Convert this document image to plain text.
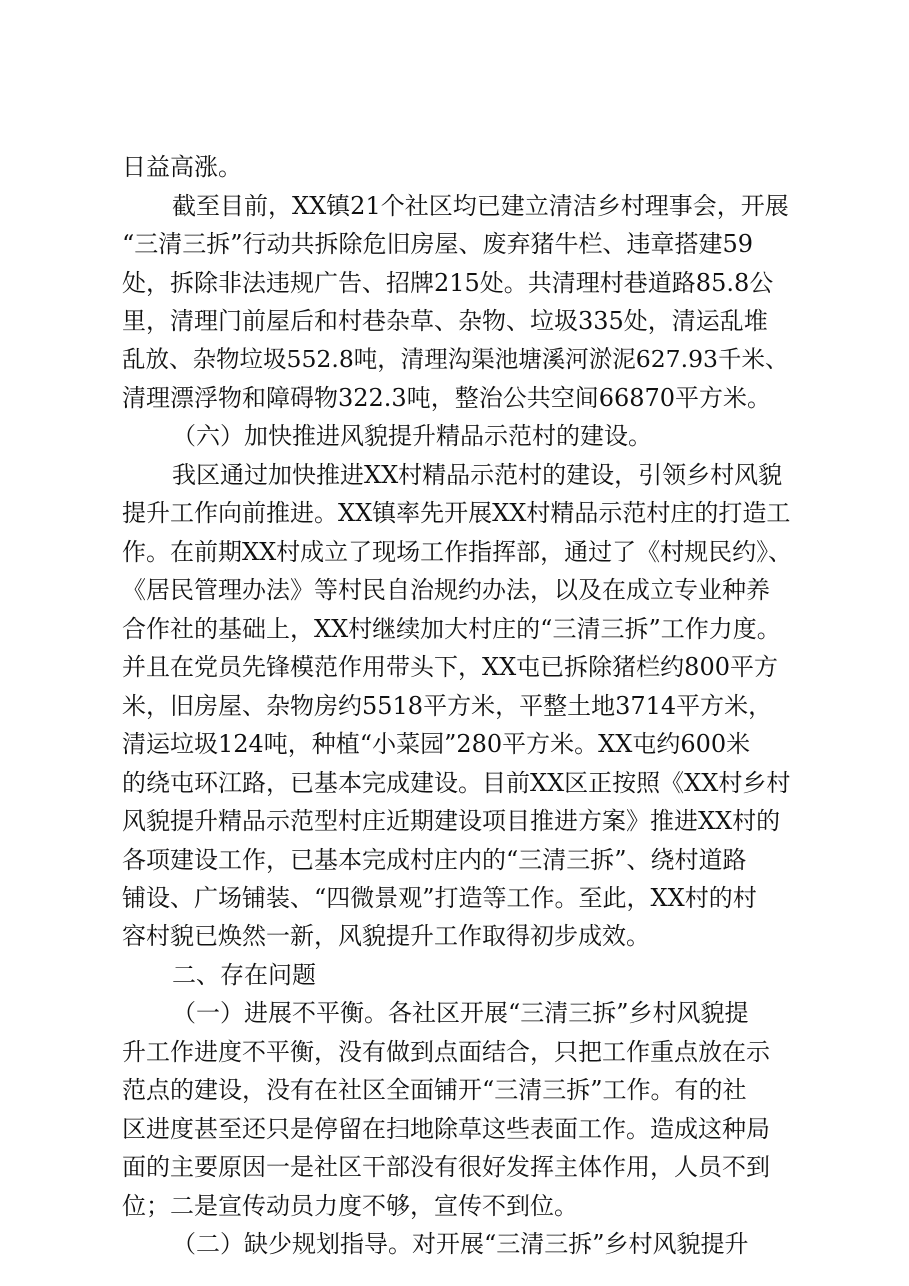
日益高涨。
截至目前，XX镇21个社区均已建立清洁乡村理事会，开展
“三清三拆”行动共拆除危旧房屋、废弃猪牛栏、违章搭建59
处，拆除非法违规广告、招牌215处。共清理村巷道路85.8公
里，清理门前屋后和村巷杂草、杂物、垃圾335处，清运乱堆
乱放、杂物垃圾552.8吨，清理沟渠池塘溪河淤泥627.93千米、
清理漂浮物和障碍物322.3吨，整治公共空间66870平方米。
（六）加快推进风貌提升精品示范村的建设。
我区通过加快推进XX村精品示范村的建设，引领乡村风貌
提升工作向前推进。XX镇率先开展XX村精品示范村庄的打造工
作。在前期XX村成立了现场工作指挥部，通过了《村规民约》、
《居民管理办法》等村民自治规约办法，以及在成立专业种养
合作社的基础上，XX村继续加大村庄的“三清三拆”工作力度。
并且在党员先锋模范作用带头下，XX屯已拆除猪栏约800平方
米，旧房屋、杂物房约5518平方米，平整土地3714平方米，
清运垃圾124吨，种植“小菜园”280平方米。XX屯约600米
的绕屯环江路，已基本完成建设。目前XX区正按照《XX村乡村
风貌提升精品示范型村庄近期建设项目推进方案》推进XX村的
各项建设工作，已基本完成村庄内的“三清三拆”、绕村道路
铺设、广场铺装、“四微景观”打造等工作。至此，XX村的村
容村貌已焕然一新，风貌提升工作取得初步成效。
二、存在问题
（一）进展不平衡。各社区开展“三清三拆”乡村风貌提
升工作进度不平衡，没有做到点面结合，只把工作重点放在示
范点的建设，没有在社区全面铺开“三清三拆”工作。有的社
区进度甚至还只是停留在扫地除草这些表面工作。造成这种局
面的主要原因一是社区干部没有很好发挥主体作用，人员不到
位；二是宣传动员力度不够，宣传不到位。
（二）缺少规划指导。对开展“三清三拆”乡村风貌提升
